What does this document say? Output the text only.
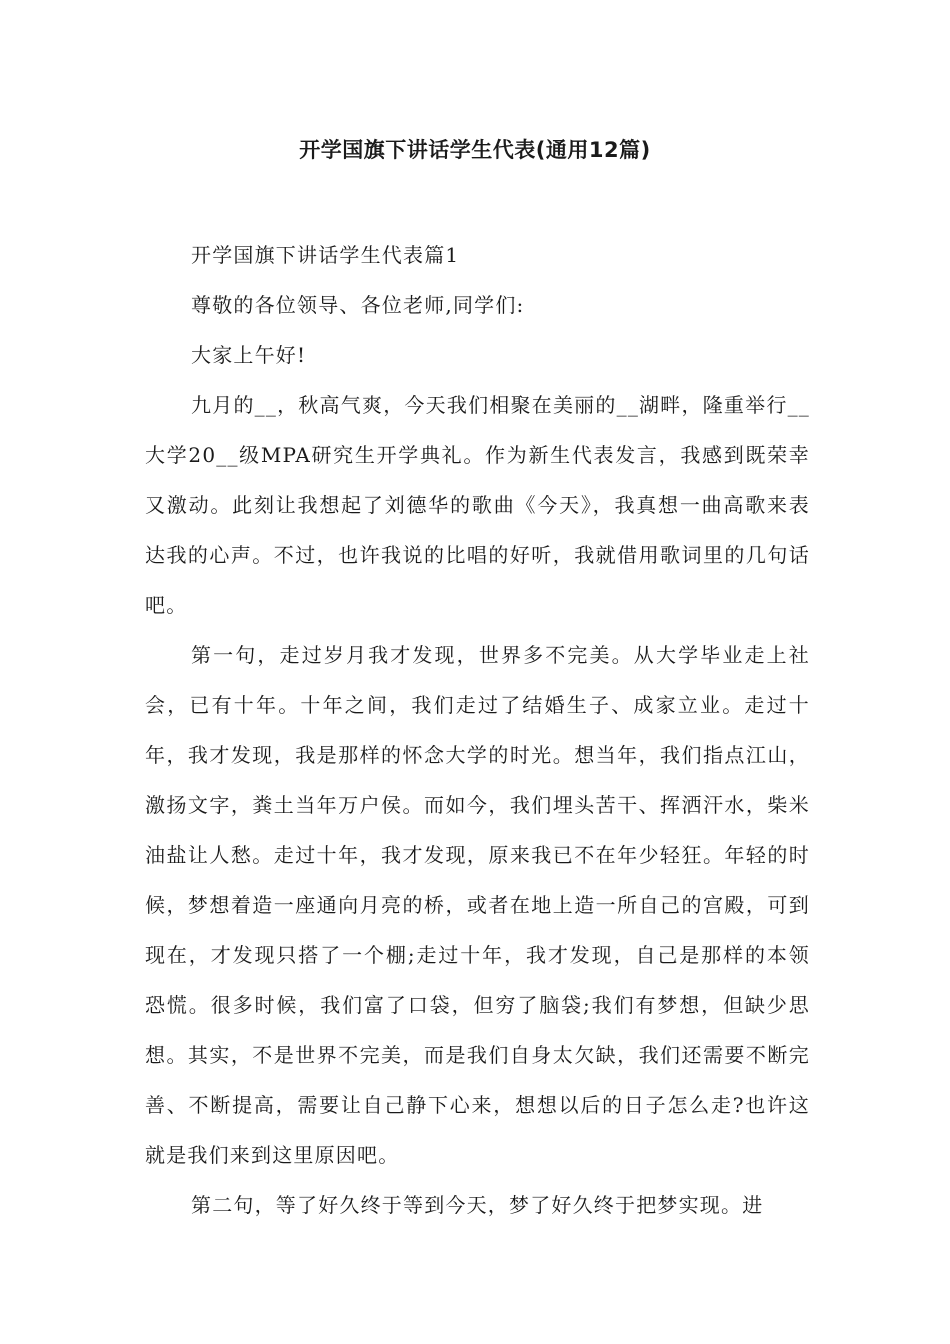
开学国旗下讲话学生代表(通用12篇)

开学国旗下讲话学生代表篇1

尊敬的各位领导、各位老师,同学们:

大家上午好!

九月的__，秋高气爽，今天我们相聚在美丽的__湖畔，隆重举行__大学20__级MPA研究生开学典礼。作为新生代表发言，我感到既荣幸又激动。此刻让我想起了刘德华的歌曲《今天》，我真想一曲高歌来表达我的心声。不过，也许我说的比唱的好听，我就借用歌词里的几句话吧。

第一句，走过岁月我才发现，世界多不完美。从大学毕业走上社会，已有十年。十年之间，我们走过了结婚生子、成家立业。走过十年，我才发现，我是那样的怀念大学的时光。想当年，我们指点江山，激扬文字，粪土当年万户侯。而如今，我们埋头苦干、挥洒汗水，柴米油盐让人愁。走过十年，我才发现，原来我已不在年少轻狂。年轻的时候，梦想着造一座通向月亮的桥，或者在地上造一所自己的宫殿，可到现在，才发现只搭了一个棚;走过十年，我才发现，自己是那样的本领恐慌。很多时候，我们富了口袋，但穷了脑袋;我们有梦想，但缺少思想。其实，不是世界不完美，而是我们自身太欠缺，我们还需要不断完善、不断提高，需要让自己静下心来，想想以后的日子怎么走?也许这就是我们来到这里原因吧。

第二句，等了好久终于等到今天，梦了好久终于把梦实现。进
